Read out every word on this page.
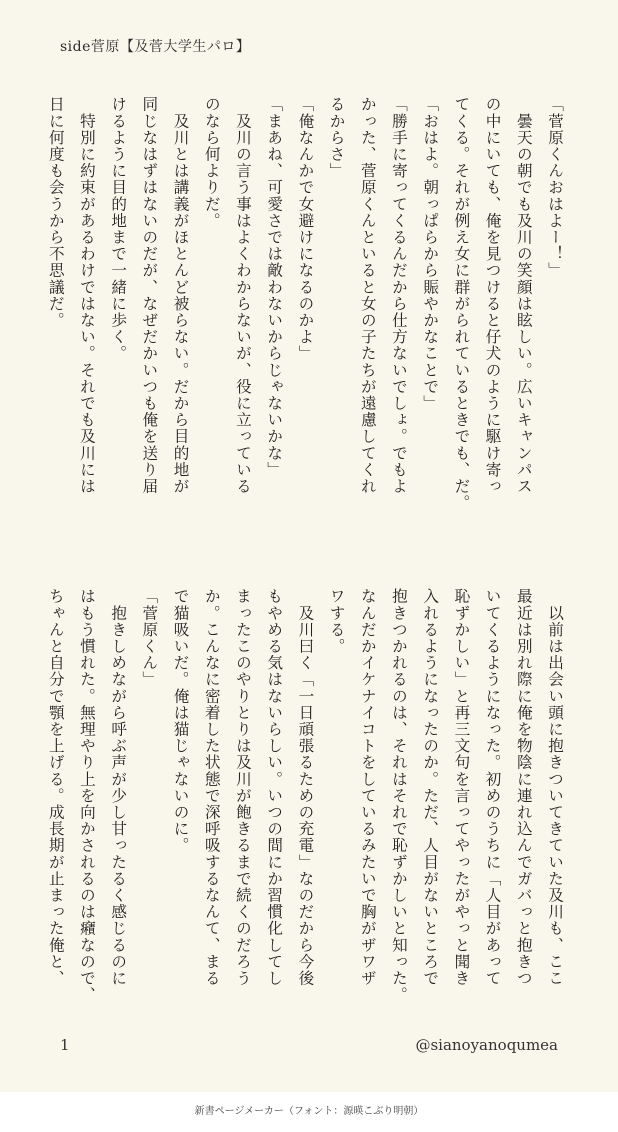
side菅原【及菅大学生パロ】
「菅原くんおはよー！」
　曇天の朝でも及川の笑顔は眩しい。広いキャンパス
の中にいても、俺を見つけると仔犬のように駆け寄っ
てくる。それが例え女に群がられているときでも、だ。
「おはよ。朝っぱらから賑やかなことで」
「勝手に寄ってくるんだから仕方ないでしょ。でもよ
かった、菅原くんといると女の子たちが遠慮してくれ
るからさ」
「俺なんかで女避けになるのかよ」
「まあね、可愛さでは敵わないからじゃないかな」
　及川の言う事はよくわからないが、役に立っている
のなら何よりだ。
　及川とは講義がほとんど被らない。だから目的地が
同じなはずはないのだが、なぜだかいつも俺を送り届
けるように目的地まで一緒に歩く。
　特別に約束があるわけではない。それでも及川には
日に何度も会うから不思議だ。
　以前は出会い頭に抱きついてきていた及川も、ここ
最近は別れ際に俺を物陰に連れ込んでガバっと抱きつ
いてくるようになった。初めのうちに「人目があって
恥ずかしい」と再三文句を言ってやったがやっと聞き
入れるようになったのか。ただ、人目がないところで
抱きつかれるのは、それはそれで恥ずかしいと知った。
なんだかイケナイコトをしているみたいで胸がザワザ
ワする。
　及川曰く「一日頑張るための充電」なのだから今後
もやめる気はないらしい。いつの間にか習慣化してし
まったこのやりとりは及川が飽きるまで続くのだろう
か。こんなに密着した状態で深呼吸するなんて、まる
で猫吸いだ。俺は猫じゃないのに。
「菅原くん」
　抱きしめながら呼ぶ声が少し甘ったるく感じるのに
はもう慣れた。無理やり上を向かされるのは癪なので、
ちゃんと自分で顎を上げる。成長期が止まった俺と、
1	@sianoyanoqumea
新書ページメーカー（フォント：源暎こぶり明朝）
